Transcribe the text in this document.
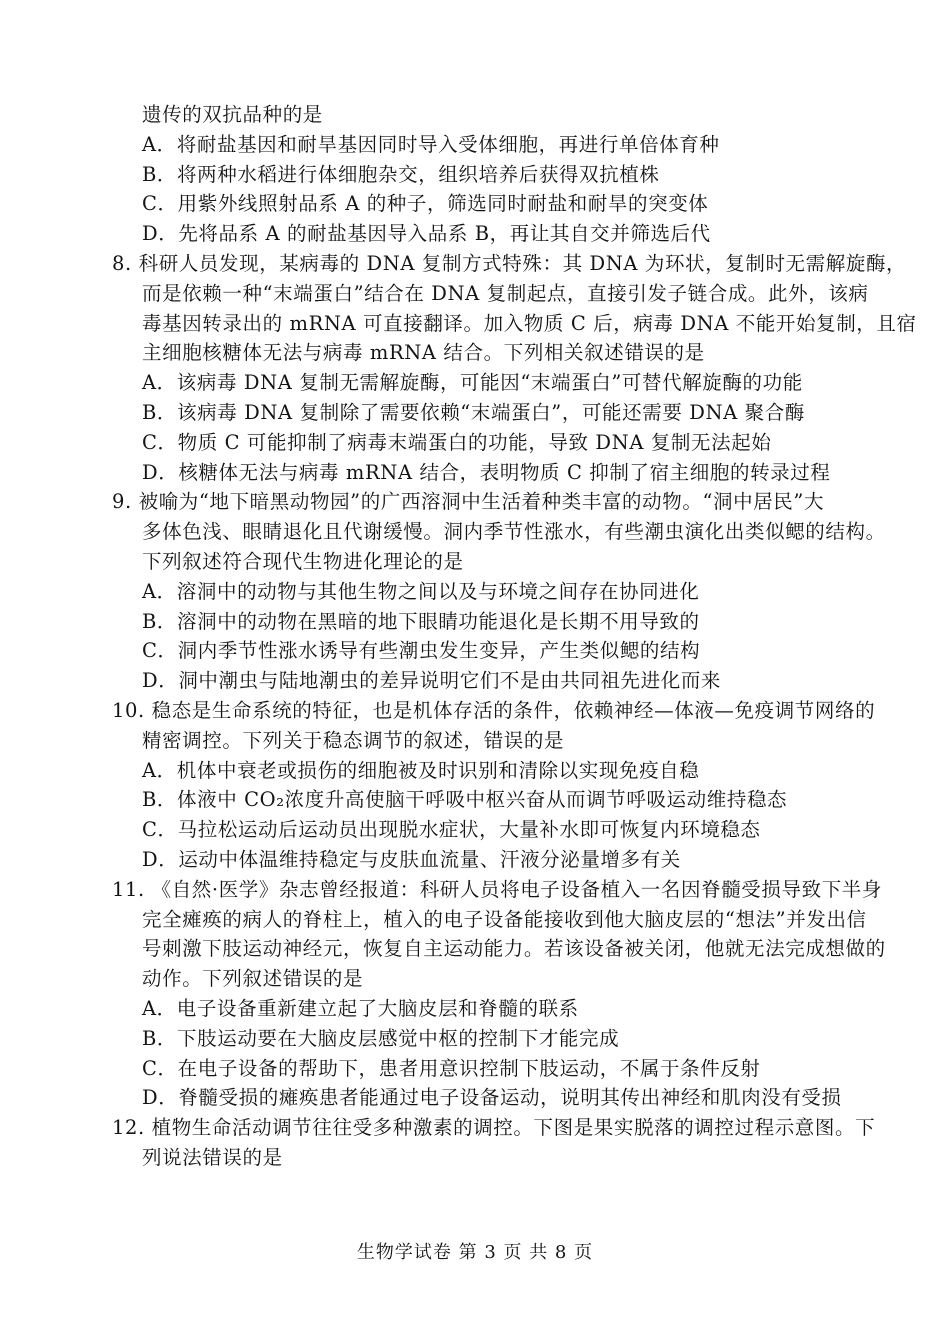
遗传的双抗品种的是
A．将耐盐基因和耐旱基因同时导入受体细胞，再进行单倍体育种
B．将两种水稻进行体细胞杂交，组织培养后获得双抗植株
C．用紫外线照射品系 A 的种子，筛选同时耐盐和耐旱的突变体
D．先将品系 A 的耐盐基因导入品系 B，再让其自交并筛选后代
8. 科研人员发现，某病毒的 DNA 复制方式特殊：其 DNA 为环状，复制时无需解旋酶，
而是依赖一种“末端蛋白”结合在 DNA 复制起点，直接引发子链合成。此外，该病
毒基因转录出的 mRNA 可直接翻译。加入物质 C 后，病毒 DNA 不能开始复制，且宿
主细胞核糖体无法与病毒 mRNA 结合。下列相关叙述错误的是
A．该病毒 DNA 复制无需解旋酶，可能因“末端蛋白”可替代解旋酶的功能
B．该病毒 DNA 复制除了需要依赖“末端蛋白”，可能还需要 DNA 聚合酶
C．物质 C 可能抑制了病毒末端蛋白的功能，导致 DNA 复制无法起始
D．核糖体无法与病毒 mRNA 结合，表明物质 C 抑制了宿主细胞的转录过程
9. 被喻为“地下暗黑动物园”的广西溶洞中生活着种类丰富的动物。“洞中居民”大
多体色浅、眼睛退化且代谢缓慢。洞内季节性涨水，有些潮虫演化出类似鳃的结构。
下列叙述符合现代生物进化理论的是
A．溶洞中的动物与其他生物之间以及与环境之间存在协同进化
B．溶洞中的动物在黑暗的地下眼睛功能退化是长期不用导致的
C．洞内季节性涨水诱导有些潮虫发生变异，产生类似鳃的结构
D．洞中潮虫与陆地潮虫的差异说明它们不是由共同祖先进化而来
10. 稳态是生命系统的特征，也是机体存活的条件，依赖神经—体液—免疫调节网络的
精密调控。下列关于稳态调节的叙述，错误的是
A．机体中衰老或损伤的细胞被及时识别和清除以实现免疫自稳
B．体液中 CO₂浓度升高使脑干呼吸中枢兴奋从而调节呼吸运动维持稳态
C．马拉松运动后运动员出现脱水症状，大量补水即可恢复内环境稳态
D．运动中体温维持稳定与皮肤血流量、汗液分泌量增多有关
11. 《自然·医学》杂志曾经报道：科研人员将电子设备植入一名因脊髓受损导致下半身
完全瘫痪的病人的脊柱上，植入的电子设备能接收到他大脑皮层的“想法”并发出信
号刺激下肢运动神经元，恢复自主运动能力。若该设备被关闭，他就无法完成想做的
动作。下列叙述错误的是
A．电子设备重新建立起了大脑皮层和脊髓的联系
B．下肢运动要在大脑皮层感觉中枢的控制下才能完成
C．在电子设备的帮助下，患者用意识控制下肢运动，不属于条件反射
D．脊髓受损的瘫痪患者能通过电子设备运动，说明其传出神经和肌肉没有受损
12. 植物生命活动调节往往受多种激素的调控。下图是果实脱落的调控过程示意图。下
列说法错误的是
生物学试卷 第 3 页 共 8 页
